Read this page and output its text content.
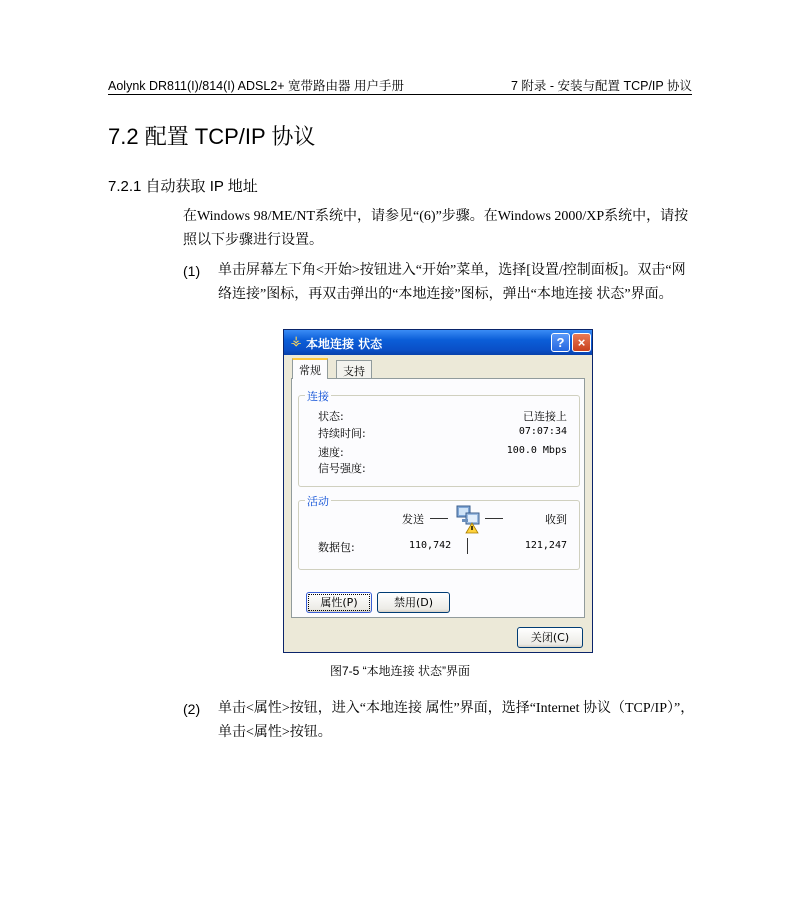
Aolynk DR811(I)/814(I) ADSL2+ 宽带路由器 用户手册	7 附录 - 安装与配置 TCP/IP 协议
7.2 配置 TCP/IP 协议
7.2.1 自动获取 IP 地址
在Windows 98/ME/NT系统中，请参见“(6)”步骤。在Windows 2000/XP系统中，请按照以下步骤进行设置。
(1) 单击屏幕左下角<开始>按钮进入“开始”菜单，选择[设置/控制面板]。双击“网络连接”图标，再双击弹出的“本地连接”图标，弹出“本地连接 状态”界面。
⚶ 本地连接 状态	?	×
常规	支持
连接
状态:	已连接上
持续时间:	07:07:34
速度:	100.0 Mbps
信号强度:
活动
发送	收到
数据包:	110,742	121,247
属性(P)	禁用(D)
关闭(C)
图7-5 “本地连接 状态”界面
(2) 单击<属性>按钮，进入“本地连接 属性”界面，选择“Internet 协议（TCP/IP）”，单击<属性>按钮。
